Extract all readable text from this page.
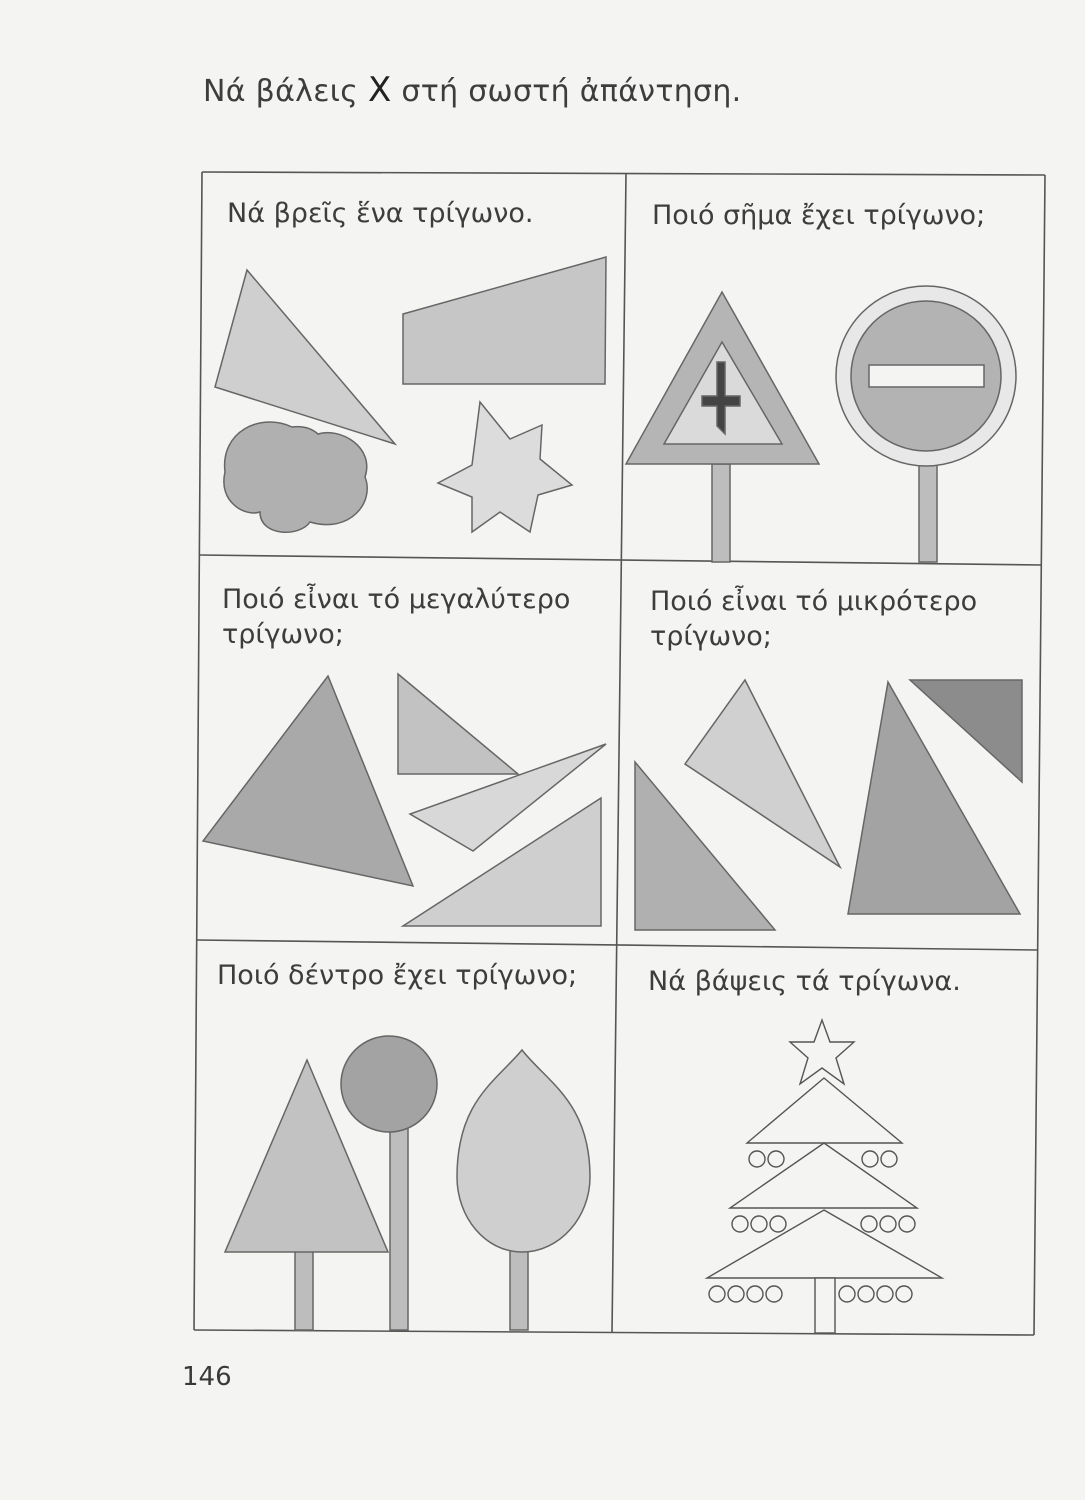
Νά βάλεις X στή σωστή ἀπάντηση.

Νά βρεῖς ἕνα τρίγωνο.	Ποιό σῆμα ἔχει τρίγωνο;

Ποιό εἶναι τό μεγαλύτερο
τρίγωνο;

Ποιό εἶναι τό μικρότερο
τρίγωνο;

Ποιό δέντρο ἔχει τρίγωνο;	Νά βάψεις τά τρίγωνα.

146
